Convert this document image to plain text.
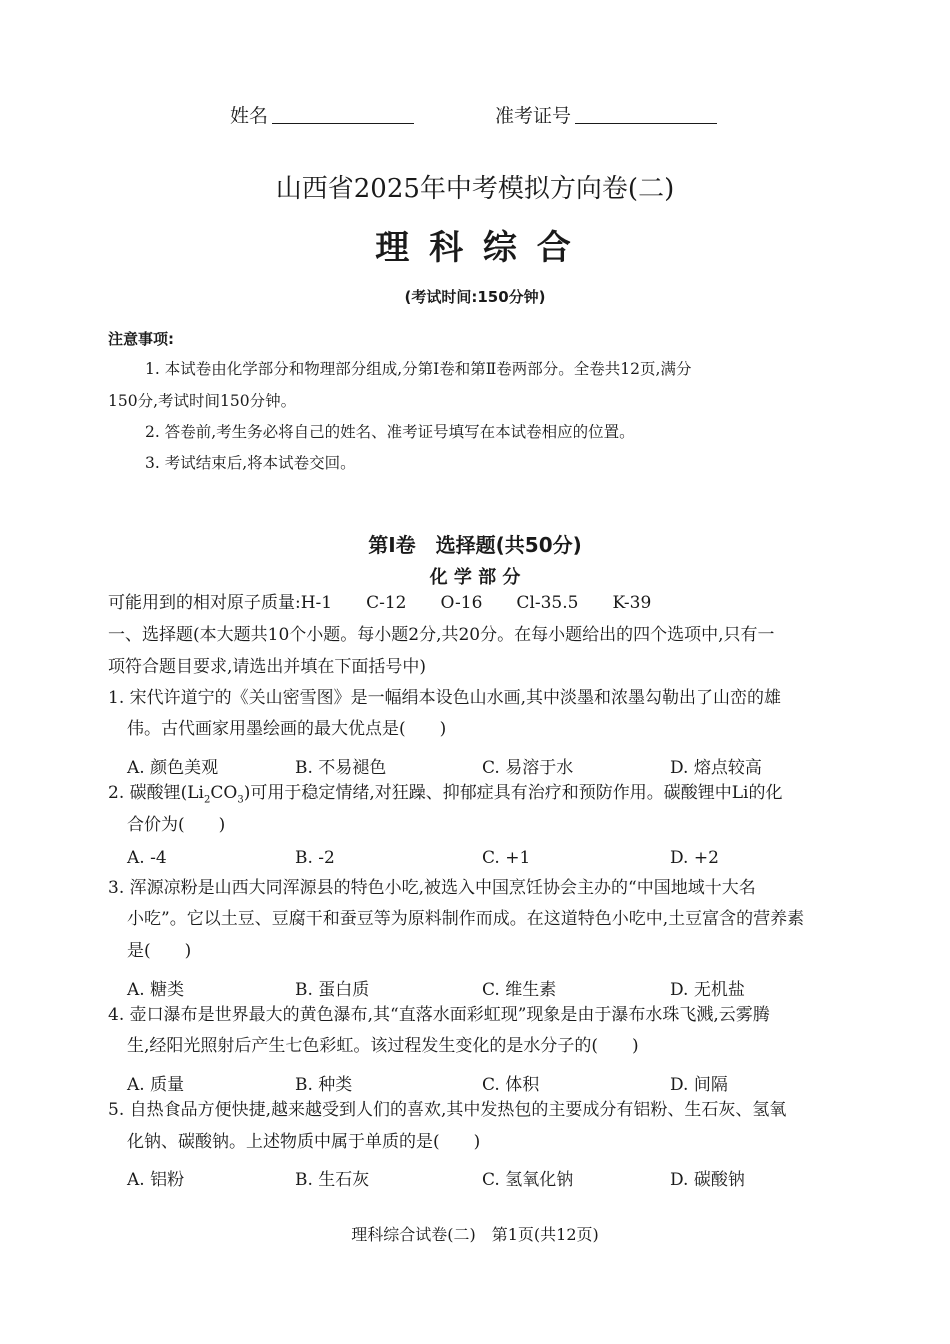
姓名	准考证号
山西省2025年中考模拟方向卷(二)
理 科 综 合
(考试时间:150分钟)
注意事项:
1. 本试卷由化学部分和物理部分组成,分第Ⅰ卷和第Ⅱ卷两部分。全卷共12页,满分
150分,考试时间150分钟。
2. 答卷前,考生务必将自己的姓名、准考证号填写在本试卷相应的位置。
3. 考试结束后,将本试卷交回。
第Ⅰ卷　选择题(共50分)
化 学 部 分
可能用到的相对原子质量:H-1　　C-12　　O-16　　Cl-35.5　　K-39
一、选择题(本大题共10个小题。每小题2分,共20分。在每小题给出的四个选项中,只有一
项符合题目要求,请选出并填在下面括号中)
1. 宋代许道宁的《关山密雪图》是一幅绢本设色山水画,其中淡墨和浓墨勾勒出了山峦的雄
伟。古代画家用墨绘画的最大优点是(　　)
A. 颜色美观	B. 不易褪色	C. 易溶于水	D. 熔点较高
2. 碳酸锂$(Li_2CO_3)$可用于稳定情绪,对狂躁、抑郁症具有治疗和预防作用。碳酸锂中Li的化
合价为(　　)
A. -4	B. -2	C. +1	D. +2
3. 浑源凉粉是山西大同浑源县的特色小吃,被选入中国烹饪协会主办的“中国地域十大名
小吃”。它以土豆、豆腐干和蚕豆等为原料制作而成。在这道特色小吃中,土豆富含的营养素
是(　　)
A. 糖类	B. 蛋白质	C. 维生素	D. 无机盐
4. 壶口瀑布是世界最大的黄色瀑布,其“直落水面彩虹现”现象是由于瀑布水珠飞溅,云雾腾
生,经阳光照射后产生七色彩虹。该过程发生变化的是水分子的(　　)
A. 质量	B. 种类	C. 体积	D. 间隔
5. 自热食品方便快捷,越来越受到人们的喜欢,其中发热包的主要成分有铝粉、生石灰、氢氧
化钠、碳酸钠。上述物质中属于单质的是(　　)
A. 铝粉	B. 生石灰	C. 氢氧化钠	D. 碳酸钠
理科综合试卷(二)　第1页(共12页)
